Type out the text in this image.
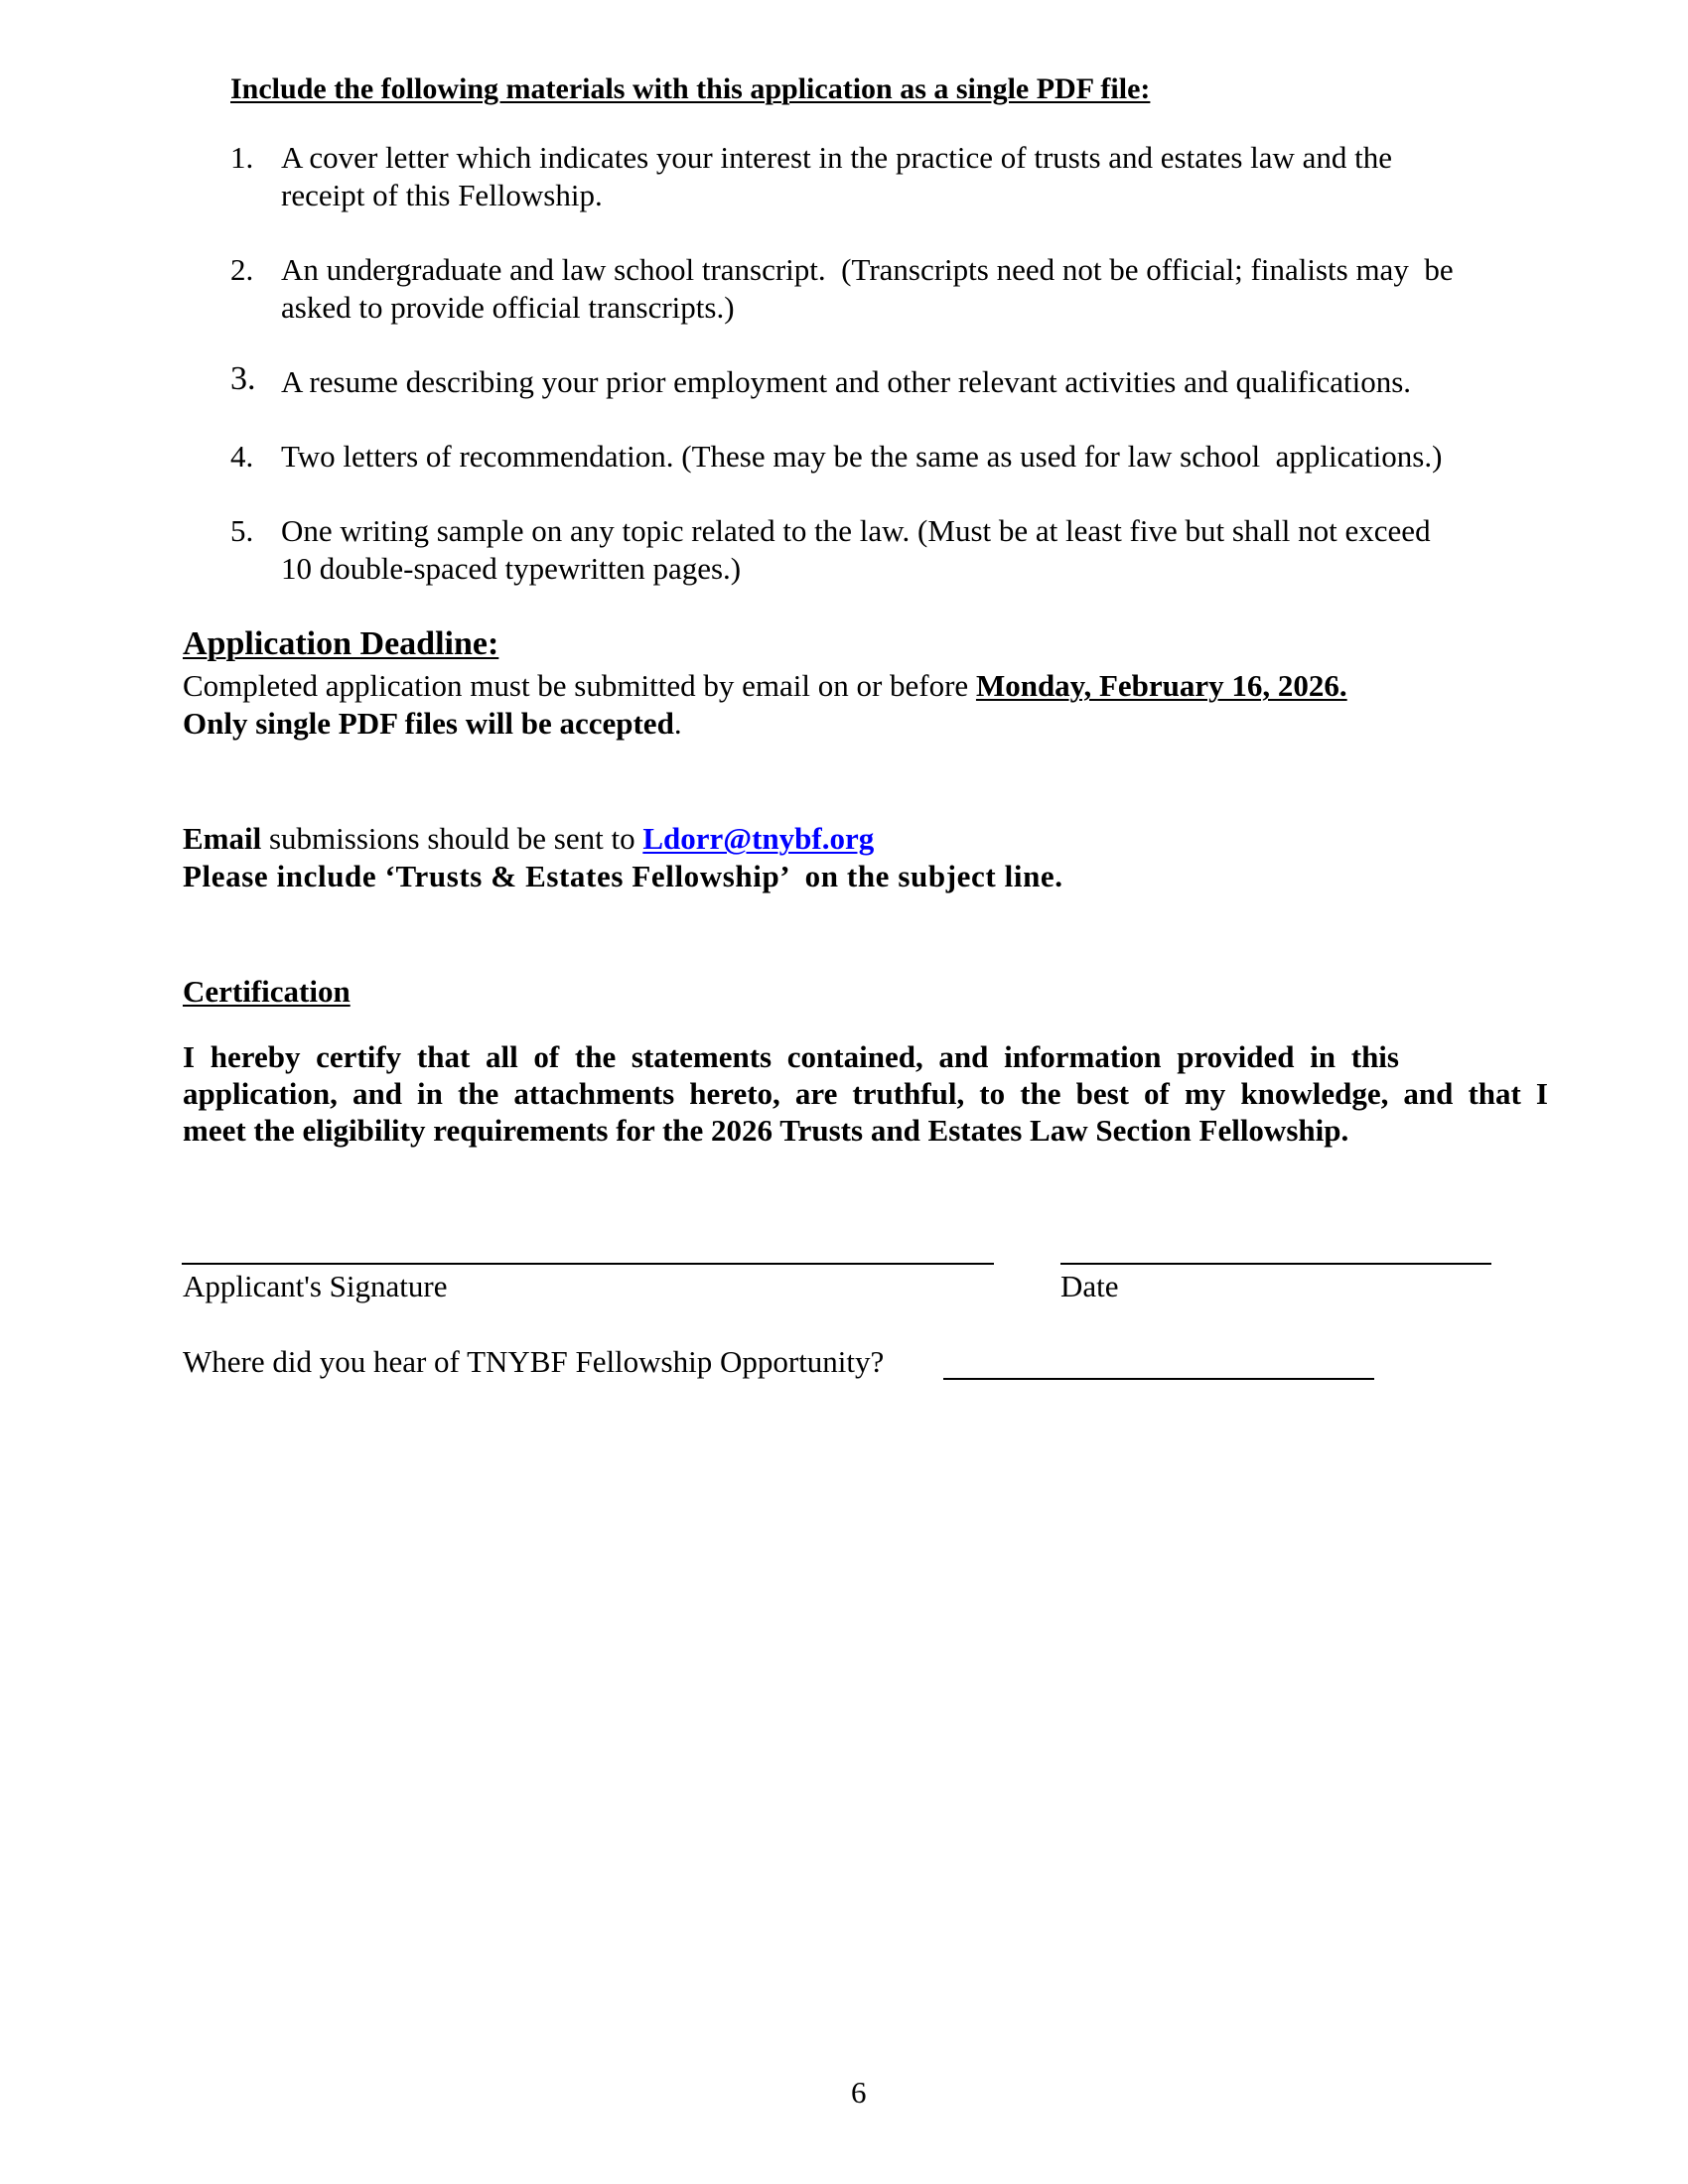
Include the following materials with this application as a single PDF file:
1. A cover letter which indicates your interest in the practice of trusts and estates law and the
receipt of this Fellowship.
2. An undergraduate and law school transcript.  (Transcripts need not be official; finalists may  be
asked to provide official transcripts.)
3. A resume describing your prior employment and other relevant activities and qualifications.
4. Two letters of recommendation. (These may be the same as used for law school  applications.)
5. One writing sample on any topic related to the law. (Must be at least five but shall not exceed
10 double-spaced typewritten pages.)
Application Deadline:
Completed application must be submitted by email on or before Monday, February 16, 2026.
Only single PDF files will be accepted.
Email submissions should be sent to Ldorr@tnybf.org
Please include ‘Trusts & Estates Fellowship’  on the subject line.
Certification
I hereby certify that all of the statements contained, and information provided in this
application, and in the attachments hereto, are truthful, to the best of my knowledge, and that I
meet the eligibility requirements for the 2026 Trusts and Estates Law Section Fellowship.
Applicant's Signature	Date
Where did you hear of TNYBF Fellowship Opportunity?
6
